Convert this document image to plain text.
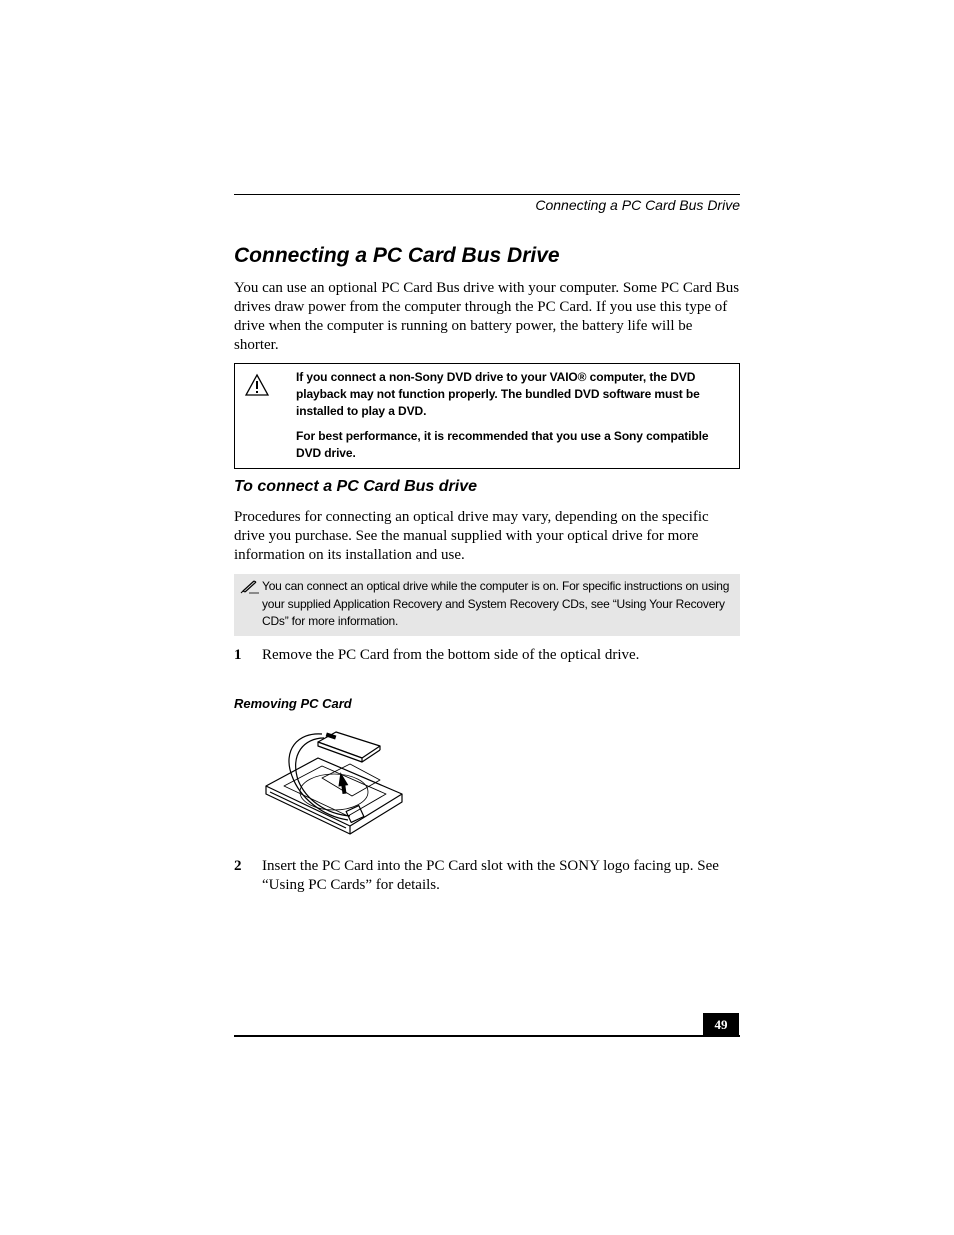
Connecting a PC Card Bus Drive
Connecting a PC Card Bus Drive

You can use an optional PC Card Bus drive with your computer. Some PC Card Bus drives draw power from the computer through the PC Card. If you use this type of drive when the computer is running on battery power, the battery life will be shorter.

If you connect a non-Sony DVD drive to your VAIO® computer, the DVD playback may not function properly. The bundled DVD software must be installed to play a DVD.

For best performance, it is recommended that you use a Sony compatible DVD drive.

To connect a PC Card Bus drive

Procedures for connecting an optical drive may vary, depending on the specific drive you purchase. See the manual supplied with your optical drive for more information on its installation and use.

You can connect an optical drive while the computer is on. For specific instructions on using your supplied Application Recovery and System Recovery CDs, see “Using Your Recovery CDs” for more information.

1 Remove the PC Card from the bottom side of the optical drive.

Removing PC Card
2 Insert the PC Card into the PC Card slot with the SONY logo facing up. See “Using PC Cards” for details.

49
